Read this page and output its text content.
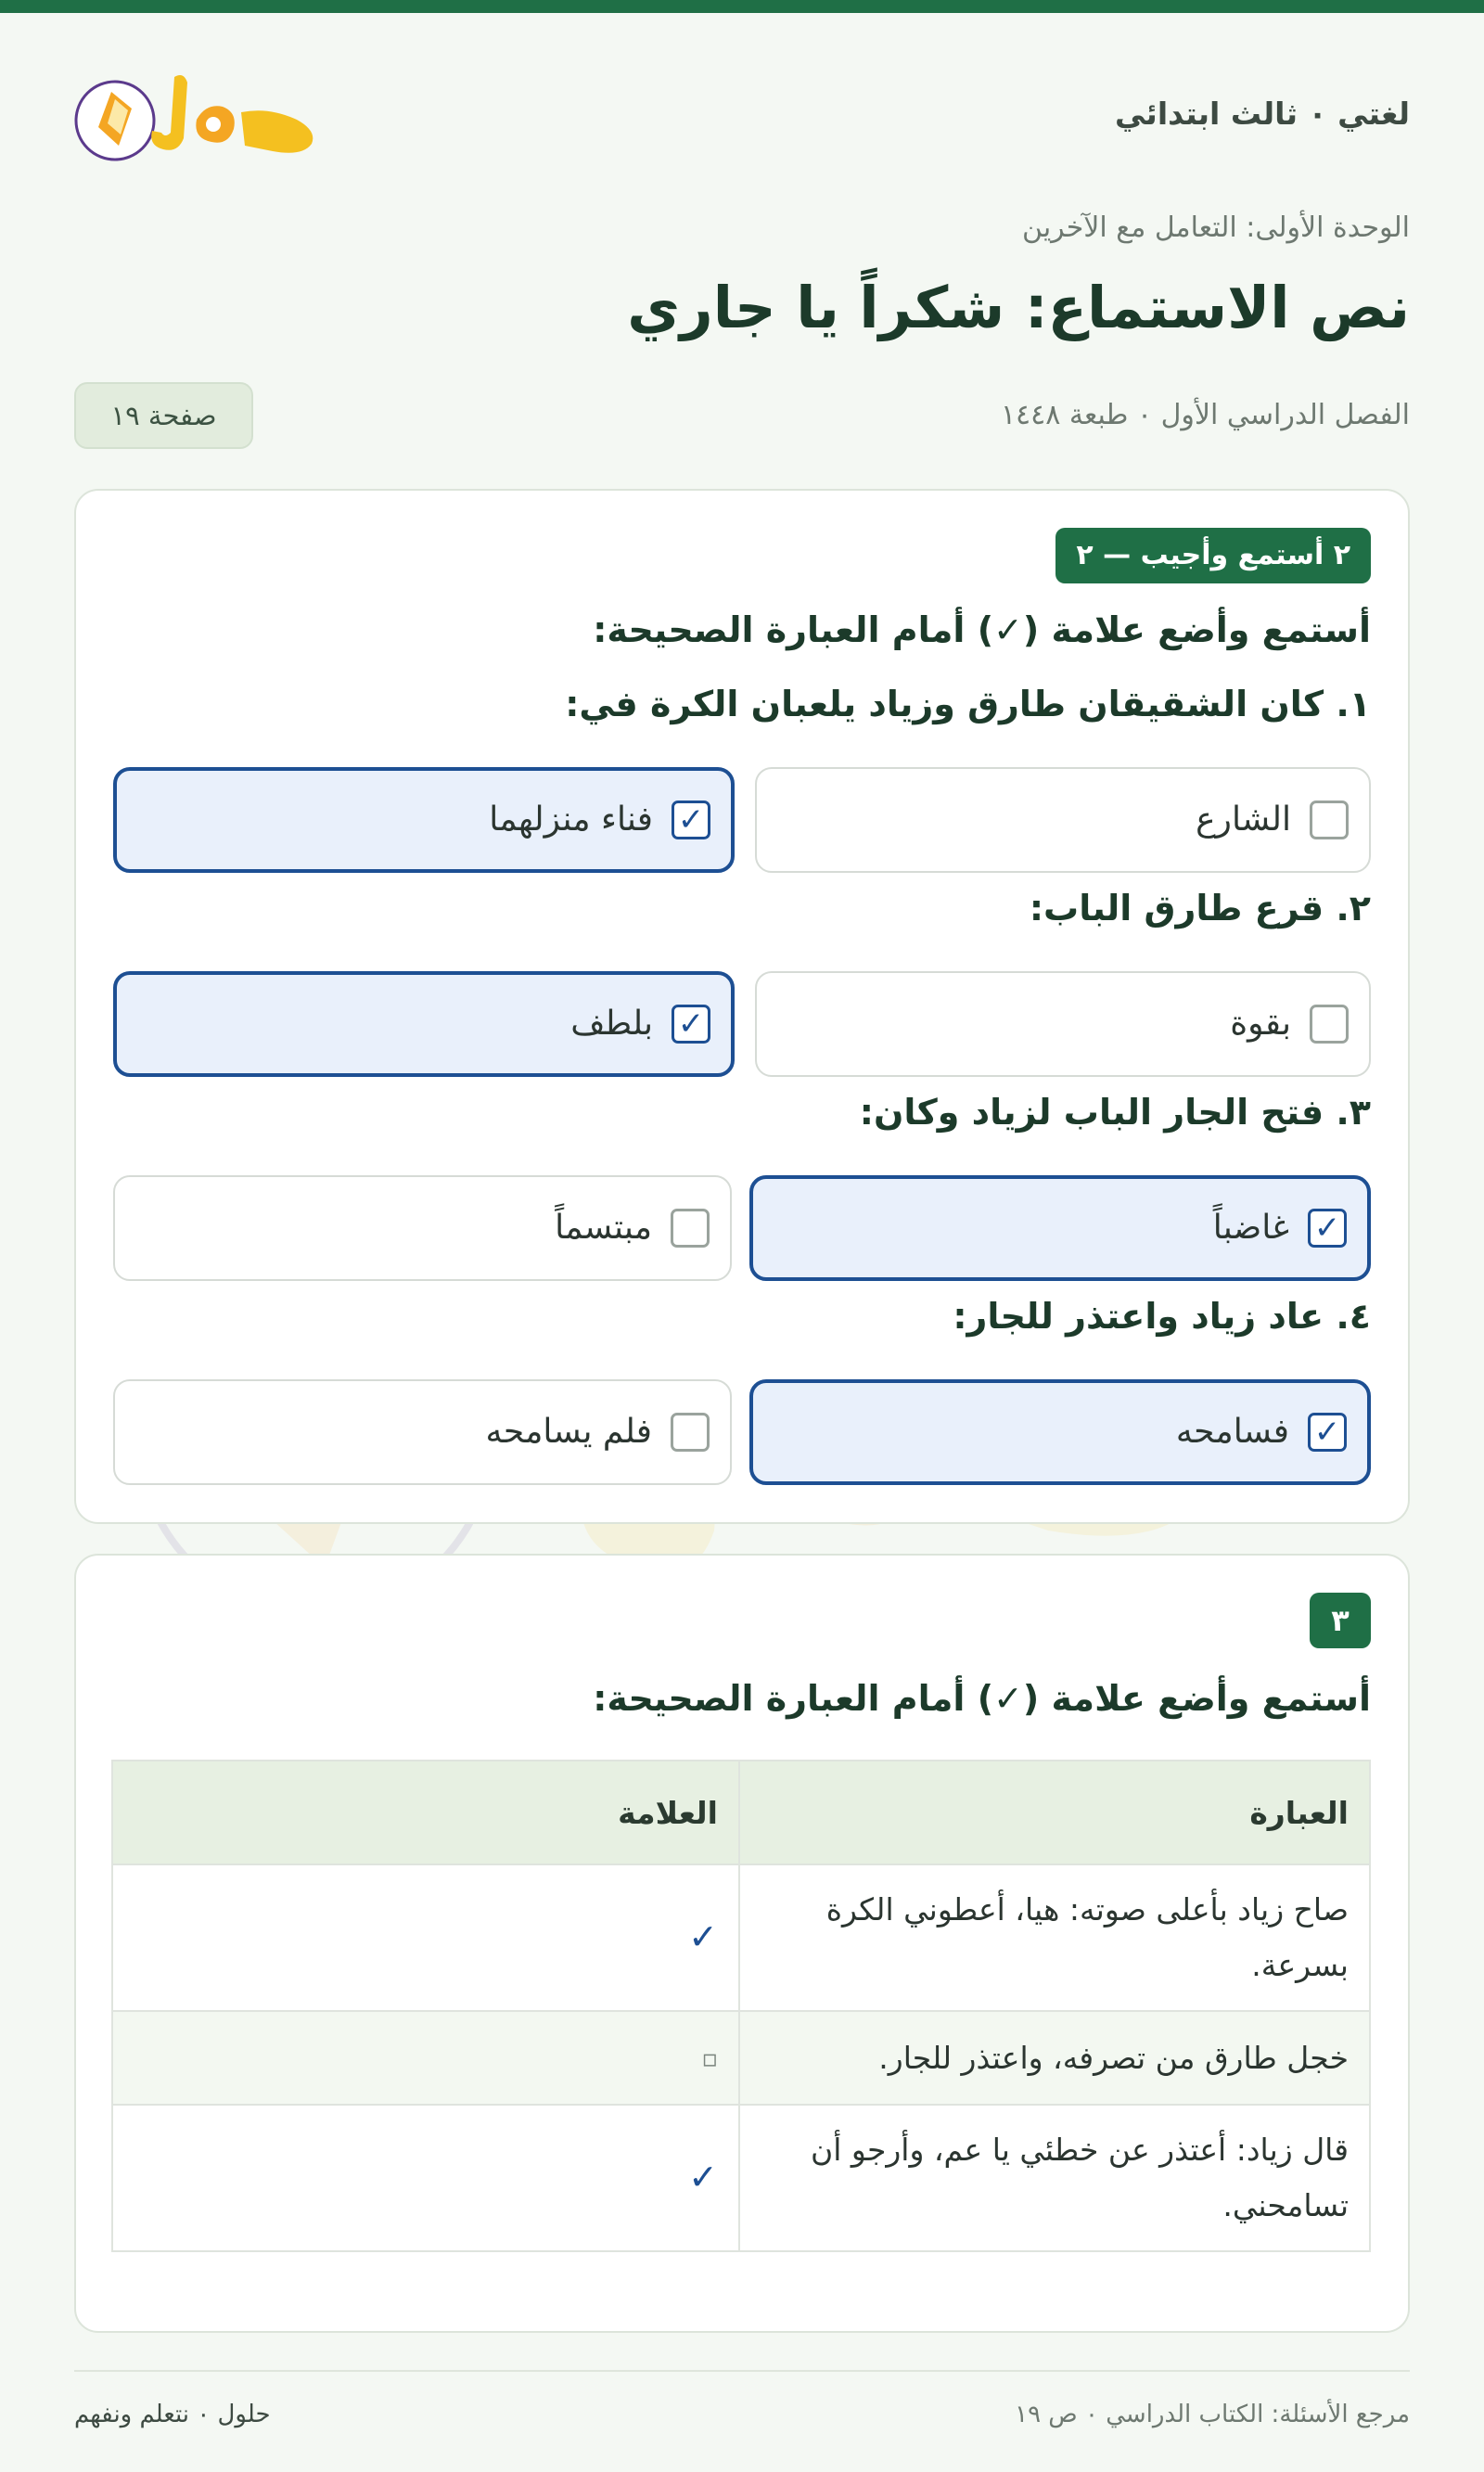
لغتي ٠ ثالث ابتدائي
الوحدة الأولى: التعامل مع الآخرين
نص الاستماع: شكراً يا جاري
الفصل الدراسي الأول ٠ طبعة ١٤٤٨
صفحة ١٩
٢ أستمع وأجيب — ٢
أستمع وأضع علامة (✓) أمام العبارة الصحيحة:
١. كان الشقيقان طارق وزياد يلعبان الكرة في:
الشارع
✓
فناء منزلهما
٢. قرع طارق الباب:
بقوة
✓
بلطف
٣. فتح الجار الباب لزياد وكان:
✓
غاضباً
مبتسماً
٤. عاد زياد واعتذر للجار:
✓
فسامحه
فلم يسامحه
٣
أستمع وأضع علامة (✓) أمام العبارة الصحيحة:
العبارة	العلامة
صاح زياد بأعلى صوته: هيا، أعطوني الكرة بسرعة.	✓
خجل طارق من تصرفه، واعتذر للجار.	▫
قال زياد: أعتذر عن خطئي يا عم، وأرجو أن تسامحني.	✓
مرجع الأسئلة: الكتاب الدراسي ٠ ص ١٩
حلول ٠ نتعلم ونفهم
